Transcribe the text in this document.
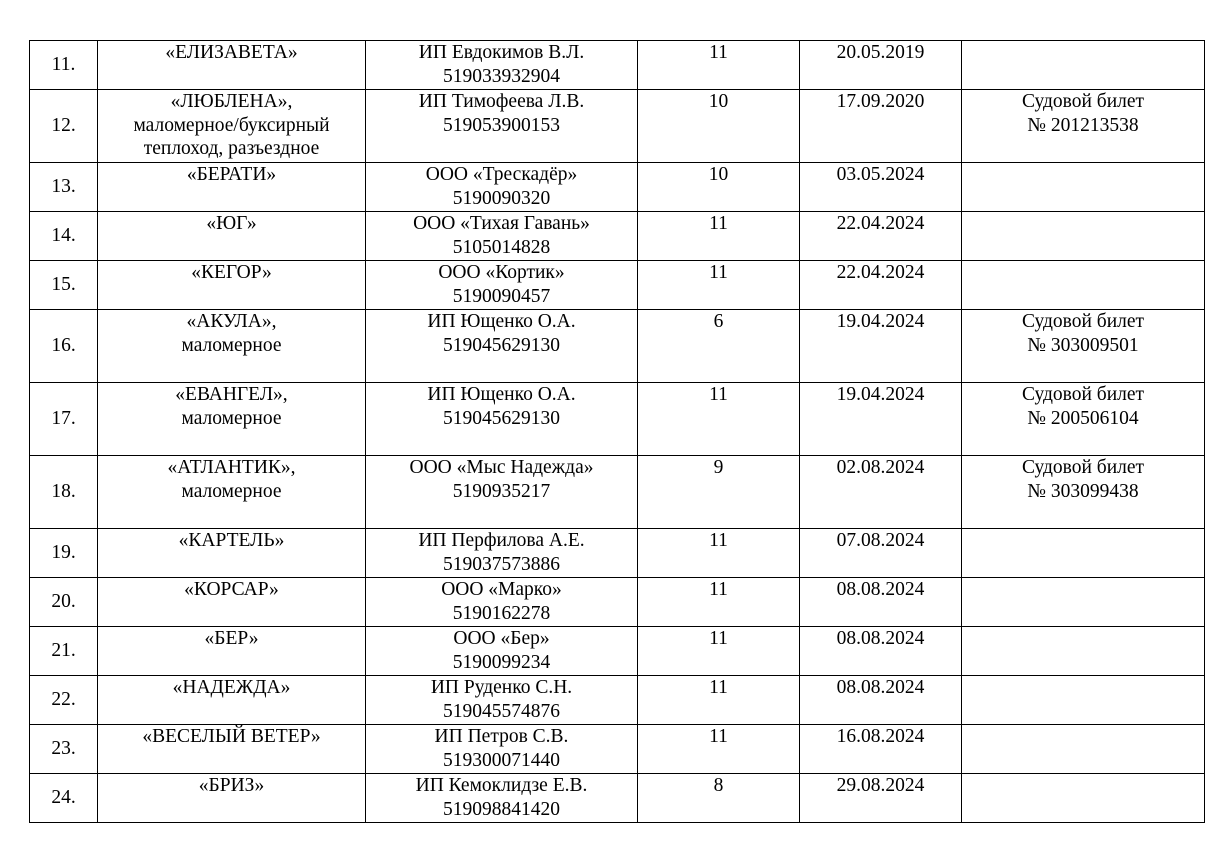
11.	«ЕЛИЗАВЕТА»	ИП Евдокимов В.Л.
519033932904	11	20.05.2019	

12.	«ЛЮБЛЕНА»,
маломерное/буксирный
теплоход, разъездное	ИП Тимофеева Л.В.
519053900153	10	17.09.2020	Судовой билет
№ 201213538

13.	«БЕРАТИ»	ООО «Трескадёр»
5190090320	10	03.05.2024	

14.	«ЮГ»	ООО «Тихая Гавань»
5105014828	11	22.04.2024	

15.	«КЕГОР»	ООО «Кортик»
5190090457	11	22.04.2024	

16.	«АКУЛА»,
маломерное	ИП Ющенко О.А.
519045629130	6	19.04.2024	Судовой билет
№ 303009501

17.	«ЕВАНГЕЛ»,
маломерное	ИП Ющенко О.А.
519045629130	11	19.04.2024	Судовой билет
№ 200506104

18.	«АТЛАНТИК»,
маломерное	ООО «Мыс Надежда»
5190935217	9	02.08.2024	Судовой билет
№ 303099438

19.	«КАРТЕЛЬ»	ИП Перфилова А.Е.
519037573886	11	07.08.2024	

20.	«КОРСАР»	ООО «Марко»
5190162278	11	08.08.2024	

21.	«БЕР»	ООО «Бер»
5190099234	11	08.08.2024	

22.	«НАДЕЖДА»	ИП Руденко С.Н.
519045574876	11	08.08.2024	

23.	«ВЕСЕЛЫЙ ВЕТЕР»	ИП Петров С.В.
519300071440	11	16.08.2024	

24.	«БРИЗ»	ИП Кемоклидзе Е.В.
519098841420	8	29.08.2024	
